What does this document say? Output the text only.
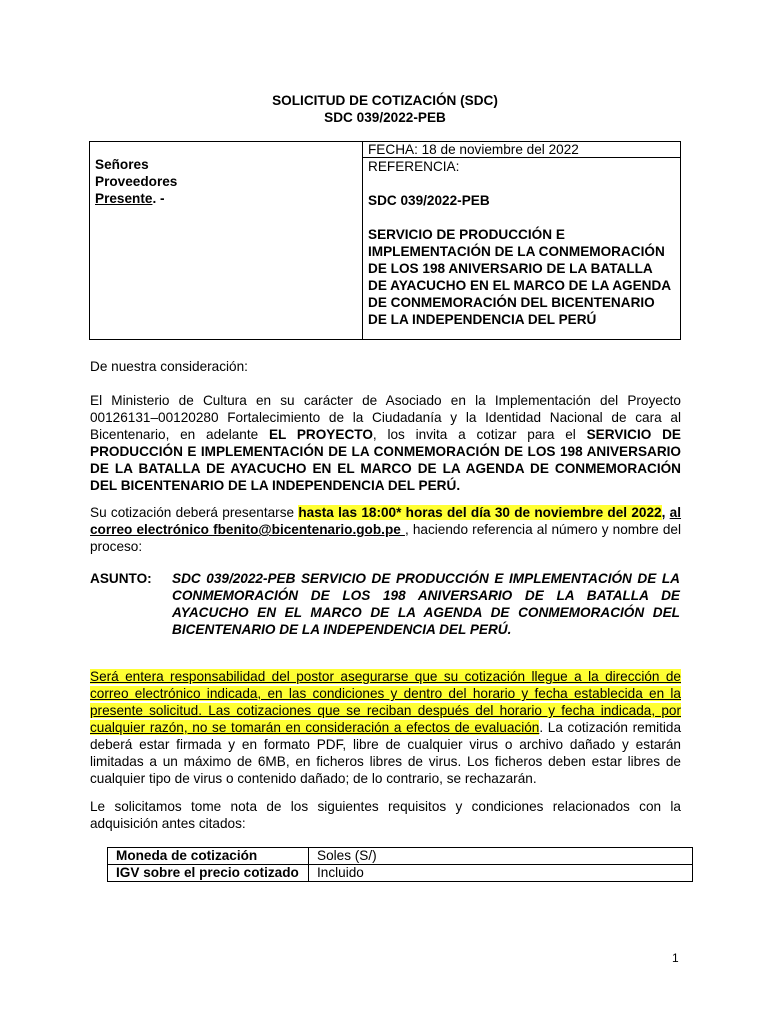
SOLICITUD DE COTIZACIÓN (SDC)
SDC 039/2022-PEB
Señores
Proveedores
Presente. -
FECHA: 18 de noviembre del 2022
REFERENCIA:
SDC 039/2022-PEB
SERVICIO DE PRODUCCIÓN E IMPLEMENTACIÓN DE LA CONMEMORACIÓN DE LOS 198 ANIVERSARIO DE LA BATALLA DE AYACUCHO EN EL MARCO DE LA AGENDA DE CONMEMORACIÓN DEL BICENTENARIO DE LA INDEPENDENCIA DEL PERÚ
De nuestra consideración:
El Ministerio de Cultura en su carácter de Asociado en la Implementación del Proyecto 00126131–00120280 Fortalecimiento de la Ciudadanía y la Identidad Nacional de cara al Bicentenario, en adelante EL PROYECTO, los invita a cotizar para el SERVICIO DE PRODUCCIÓN E IMPLEMENTACIÓN DE LA CONMEMORACIÓN DE LOS 198 ANIVERSARIO DE LA BATALLA DE AYACUCHO EN EL MARCO DE LA AGENDA DE CONMEMORACIÓN DEL BICENTENARIO DE LA INDEPENDENCIA DEL PERÚ.
Su cotización deberá presentarse hasta las 18:00* horas del día 30 de noviembre del 2022, al correo electrónico fbenito@bicentenario.gob.pe , haciendo referencia al número y nombre del proceso:
ASUNTO: SDC 039/2022-PEB SERVICIO DE PRODUCCIÓN E IMPLEMENTACIÓN DE LA CONMEMORACIÓN DE LOS 198 ANIVERSARIO DE LA BATALLA DE AYACUCHO EN EL MARCO DE LA AGENDA DE CONMEMORACIÓN DEL BICENTENARIO DE LA INDEPENDENCIA DEL PERÚ.
Será entera responsabilidad del postor asegurarse que su cotización llegue a la dirección de correo electrónico indicada, en las condiciones y dentro del horario y fecha establecida en la presente solicitud. Las cotizaciones que se reciban después del horario y fecha indicada, por cualquier razón, no se tomarán en consideración a efectos de evaluación. La cotización remitida deberá estar firmada y en formato PDF, libre de cualquier virus o archivo dañado y estarán limitadas a un máximo de 6MB, en ficheros libres de virus. Los ficheros deben estar libres de cualquier tipo de virus o contenido dañado; de lo contrario, se rechazarán.
Le solicitamos tome nota de los siguientes requisitos y condiciones relacionados con la adquisición antes citados:
Moneda de cotización	Soles (S/)
IGV sobre el precio cotizado	Incluido
1
